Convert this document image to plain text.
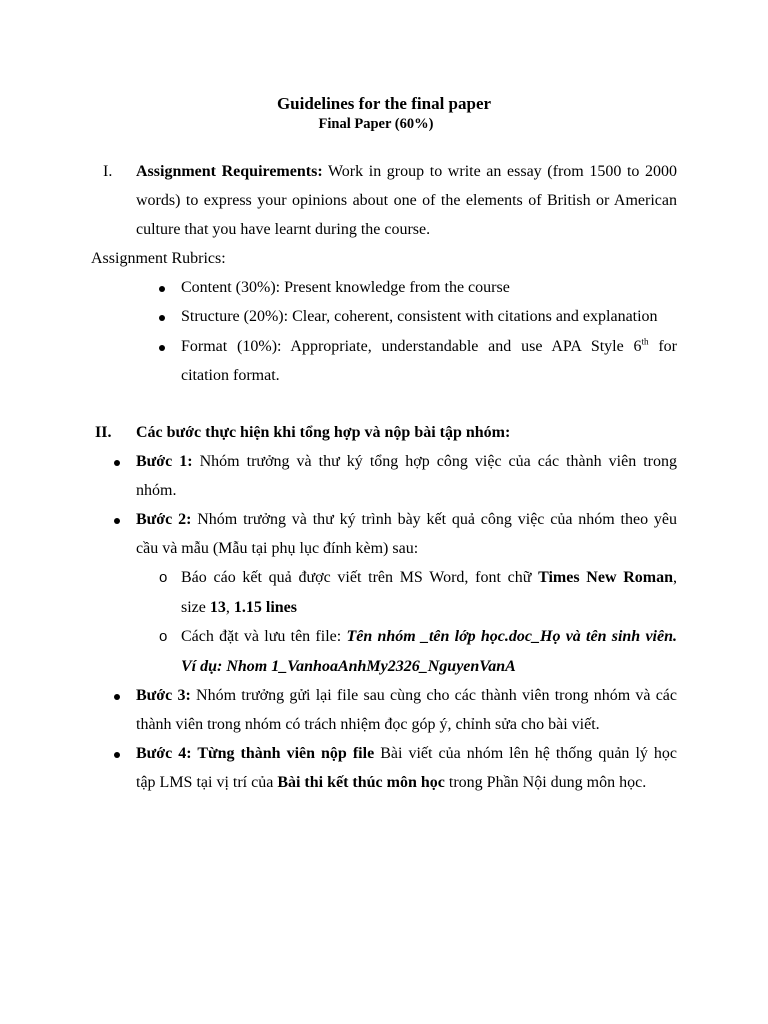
Guidelines for the final paper
Final Paper (60%)
I. Assignment Requirements: Work in group to write an essay (from 1500 to 2000
words) to express your opinions about one of the elements of British or American
culture that you have learnt during the course.
Assignment Rubrics:
Content (30%): Present knowledge from the course
Structure (20%): Clear, coherent, consistent with citations and explanation
Format (10%): Appropriate, understandable and use APA Style 6th for
citation format.
II. Các bước thực hiện khi tổng hợp và nộp bài tập nhóm:
Bước 1: Nhóm trưởng và thư ký tổng hợp công việc của các thành viên trong
nhóm.
Bước 2: Nhóm trưởng và thư ký trình bày kết quả công việc của nhóm theo yêu
cầu và mẫu (Mẫu tại phụ lục đính kèm) sau:
o Báo cáo kết quả được viết trên MS Word, font chữ Times New Roman,
size 13, 1.15 lines
o Cách đặt và lưu tên file: Tên nhóm _tên lớp học.doc_Họ và tên sinh viên.
Ví dụ: Nhom 1_VanhoaAnhMy2326_NguyenVanA
Bước 3: Nhóm trưởng gửi lại file sau cùng cho các thành viên trong nhóm và các
thành viên trong nhóm có trách nhiệm đọc góp ý, chỉnh sửa cho bài viết.
Bước 4: Từng thành viên nộp file Bài viết của nhóm lên hệ thống quản lý học
tập LMS tại vị trí của Bài thi kết thúc môn học trong Phần Nội dung môn học.
